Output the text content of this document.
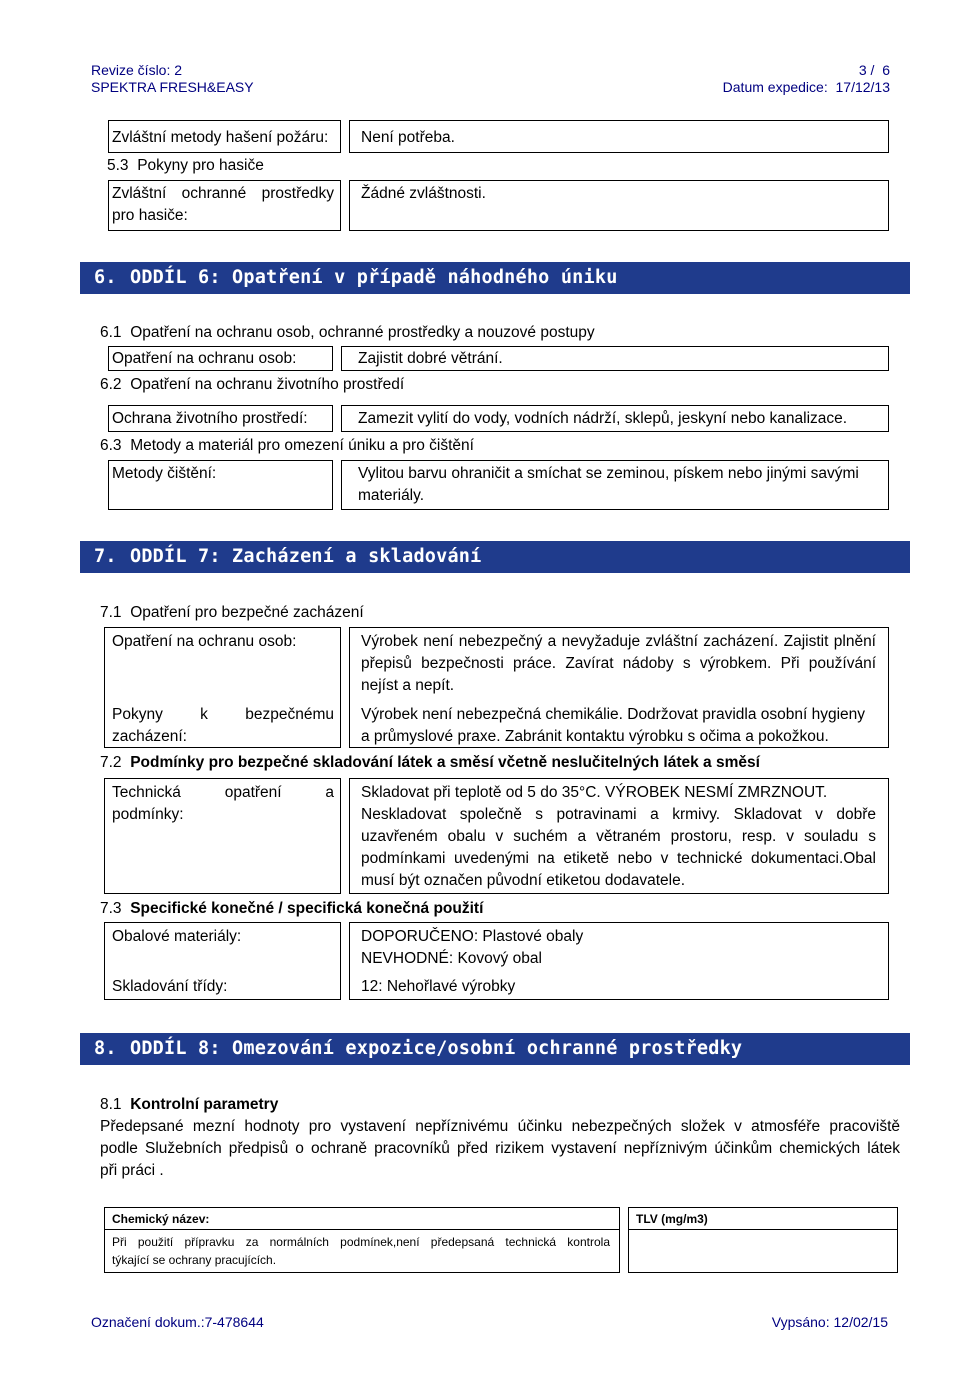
Revize číslo: 2
SPEKTRA FRESH&EASY
3 /  6
Datum expedice:  17/12/13
Zvláštní metody hašení požáru: Není potřeba.
5.3 Pokyny pro hasiče
Zvláštní ochranné prostředky
pro hasiče:
Žádné zvláštnosti.
6. ODDÍL 6: Opatření v případě náhodného úniku
6.1 Opatření na ochranu osob, ochranné prostředky a nouzové postupy
Opatření na ochranu osob:	Zajistit dobré větrání.
6.2 Opatření na ochranu životního prostředí
Ochrana životního prostředí:	Zamezit vylití do vody, vodních nádrží, sklepů, jeskyní nebo kanalizace.
6.3 Metody a materiál pro omezení úniku a pro čištění
Metody čištění:	Vylitou barvu ohraničit a smíchat se zeminou, pískem nebo jinými savými
materiály.
7. ODDÍL 7: Zacházení a skladování
7.1 Opatření pro bezpečné zacházení
Opatření na ochranu osob:	Výrobek není nebezpečný a nevyžaduje zvláštní zacházení. Zajistit plnění
přepisů bezpečnosti práce. Zavírat nádoby s výrobkem. Při používání
nejíst a nepít.
Pokyny k bezpečnému
zacházení:
Výrobek není nebezpečná chemikálie. Dodržovat pravidla osobní hygieny
a průmyslové praxe. Zabránit kontaktu výrobku s očima a pokožkou.
7.2 Podmínky pro bezpečné skladování látek a směsí včetně neslučitelných látek a směsí
Technická opatření a
podmínky:
Skladovat při teplotě od 5 do 35°C. VÝROBEK NESMÍ ZMRZNOUT.
Neskladovat společně s potravinami a krmivy. Skladovat v dobře
uzavřeném obalu v suchém a větraném prostoru, resp. v souladu s
podmínkami uvedenými na etiketě nebo v technické dokumentaci.Obal
musí být označen původní etiketou dodavatele.
7.3 Specifické konečné / specifická konečná použití
Obalové materiály:	DOPORUČENO: Plastové obaly
NEVHODNÉ: Kovový obal
Skladování třídy:	12: Nehořlavé výrobky
8. ODDÍL 8: Omezování expozice/osobní ochranné prostředky
8.1 Kontrolní parametry
Předepsané mezní hodnoty pro vystavení nepříznivému účinku nebezpečných složek v atmosféře pracoviště
podle Služebních předpisů o ochraně pracovníků před rizikem vystavení nepříznivým účinkům chemických látek
při práci .
Chemický název:	TLV (mg/m3)
Při použití přípravku za normálních podmínek,není předepsaná technická kontrola
týkající se ochrany pracujících.
Označení dokum.:7-478644	Vypsáno: 12/02/15
